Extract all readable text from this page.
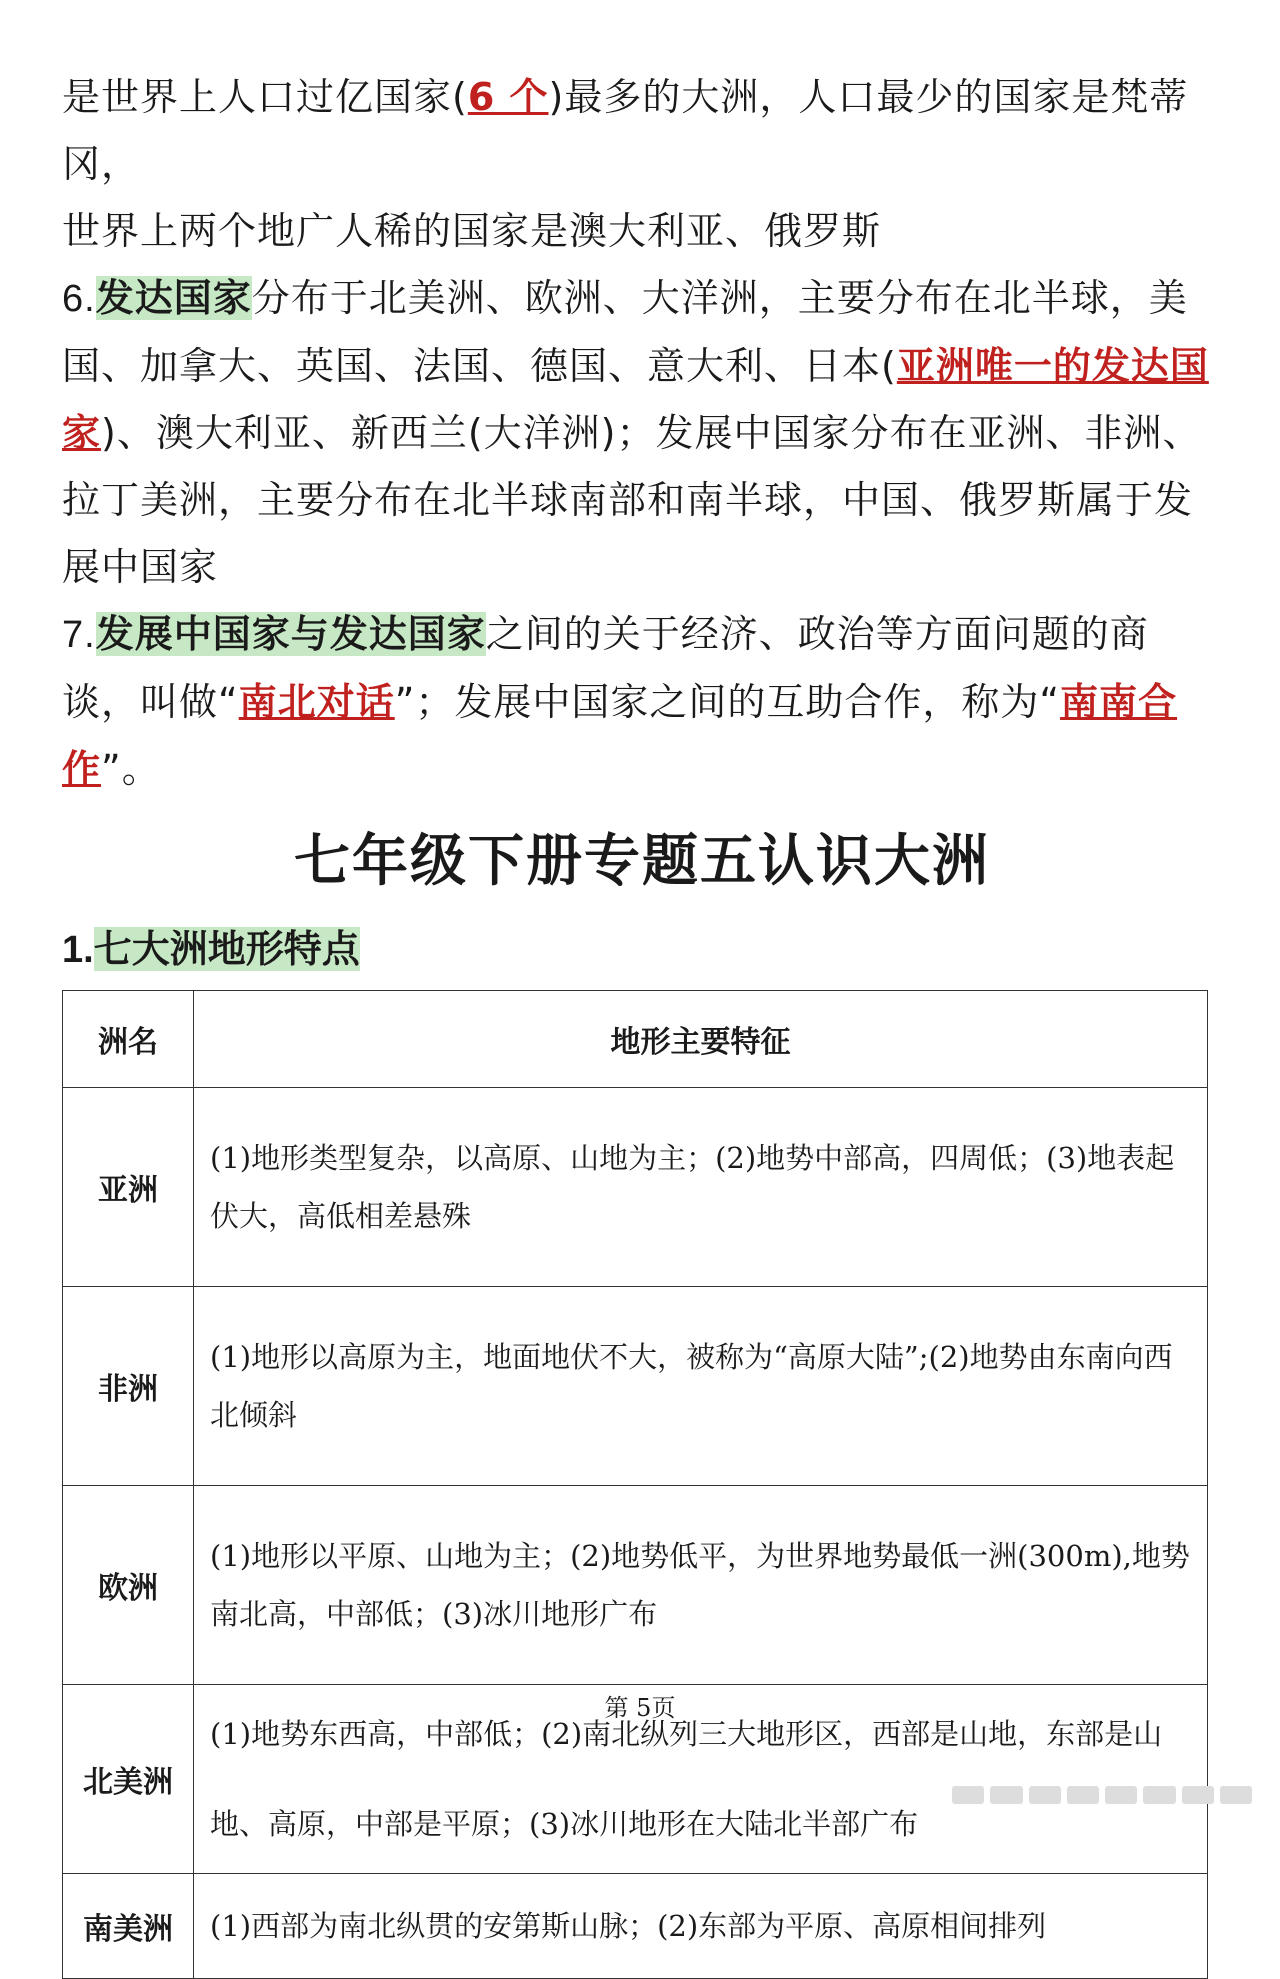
是世界上人口过亿国家(6 个)最多的大洲，人口最少的国家是梵蒂冈，
世界上两个地广人稀的国家是澳大利亚、俄罗斯

6.发达国家分布于北美洲、欧洲、大洋洲，主要分布在北半球，美国、加拿大、英国、法国、德国、意大利、日本(亚洲唯一的发达国家)、澳大利亚、新西兰(大洋洲)；发展中国家分布在亚洲、非洲、拉丁美洲，主要分布在北半球南部和南半球，中国、俄罗斯属于发展中国家

7.发展中国家与发达国家之间的关于经济、政治等方面问题的商谈，叫做“南北对话”；发展中国家之间的互助合作，称为“南南合作”。

七年级下册专题五认识大洲

1.七大洲地形特点

洲名	地形主要特征
亚洲	(1)地形类型复杂，以高原、山地为主；(2)地势中部高，四周低；(3)地表起伏大，高低相差悬殊
非洲	(1)地形以高原为主，地面地伏不大，被称为“高原大陆”;(2)地势由东南向西北倾斜
欧洲	(1)地形以平原、山地为主；(2)地势低平，为世界地势最低一洲(300m),地势南北高，中部低；(3)冰川地形广布
北美洲	(1)地势东西高，中部低；(2)南北纵列三大地形区，西部是山地，东部是山地、高原，中部是平原；(3)冰川地形在大陆北半部广布
南美洲	(1)西部为南北纵贯的安第斯山脉；(2)东部为平原、高原相间排列
第 5页
